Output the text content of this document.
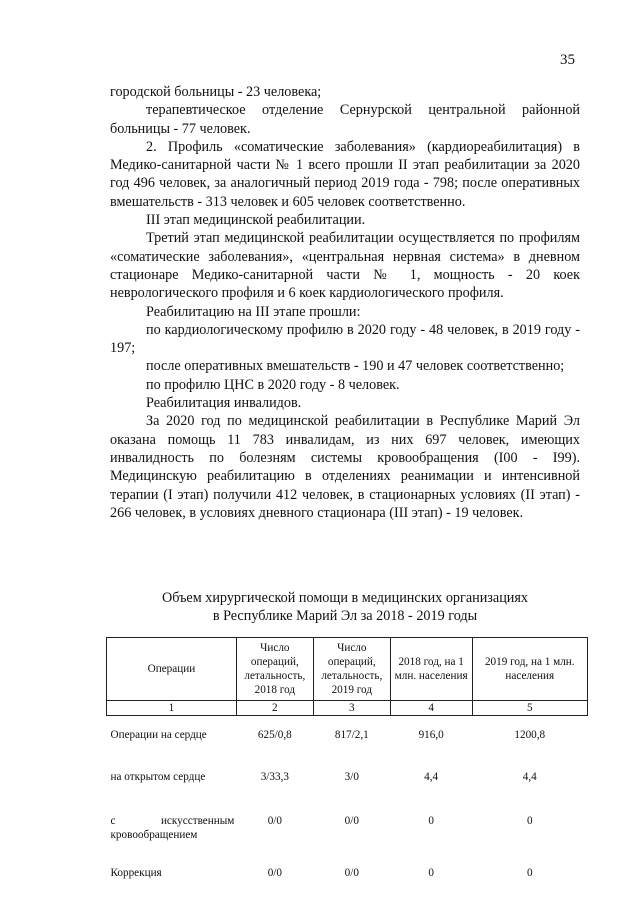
35

городской больницы - 23 человека;

терапевтическое отделение Сернурской центральной районной больницы - 77 человек.

2. Профиль «соматические заболевания» (кардиореабилитация) в Медико-санитарной части № 1 всего прошли II этап реабилитации за 2020 год 496 человек, за аналогичный период 2019 года - 798; после оперативных вмешательств - 313 человек и 605 человек соответственно.

III этап медицинской реабилитации.

Третий этап медицинской реабилитации осуществляется по профилям «соматические заболевания», «центральная нервная система» в дневном стационаре Медико-санитарной части № 1, мощность - 20 коек неврологического профиля и 6 коек кардиологического профиля.

Реабилитацию на III этапе прошли:

по кардиологическому профилю в 2020 году - 48 человек, в 2019 году - 197;

после оперативных вмешательств - 190 и 47 человек соответственно;

по профилю ЦНС в 2020 году - 8 человек.

Реабилитация инвалидов.

За 2020 год по медицинской реабилитации в Республике Марий Эл оказана помощь 11 783 инвалидам, из них 697 человек, имеющих инвалидность по болезням системы кровообращения (I00 - I99). Медицинскую реабилитацию в отделениях реанимации и интенсивной терапии (I этап) получили 412 человек, в стационарных условиях (II этап) - 266 человек, в условиях дневного стационара (III этап) - 19 человек.

Объем хирургической помощи в медицинских организациях
в Республике Марий Эл за 2018 - 2019 годы
Операции	Число операций, летальность, 2018 год	Число операций, летальность, 2019 год	2018 год, на 1 млн. населения	2019 год, на 1 млн. населения
1	2	3	4	5
Операции на сердце	625/0,8	817/2,1	916,0	1200,8
на открытом сердце	3/33,3	3/0	4,4	4,4
с искусственным кровообращением	0/0	0/0	0	0
Коррекция	0/0	0/0	0	0
